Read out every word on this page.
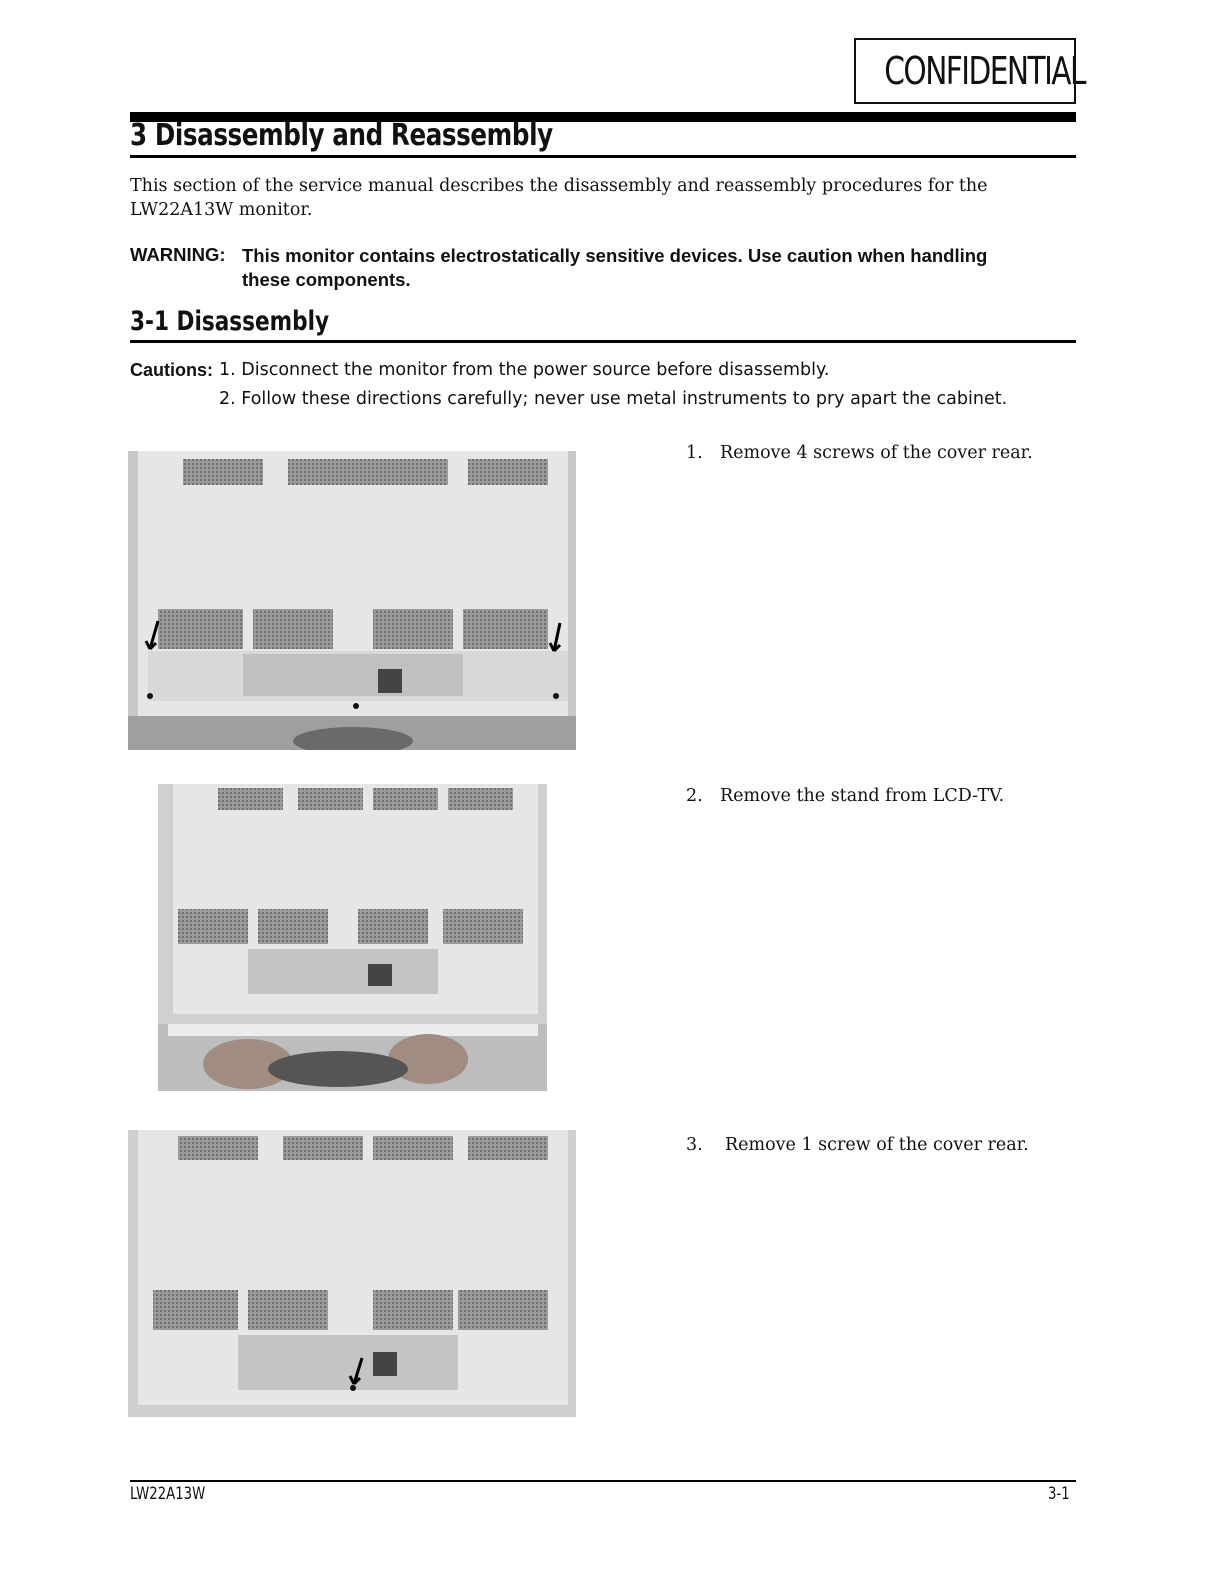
CONFIDENTIAL
3 Disassembly and Reassembly
This section of the service manual describes the disassembly and reassembly procedures for the
LW22A13W monitor.
WARNING: This monitor contains electrostatically sensitive devices. Use caution when handling
these components.
3-1 Disassembly
Cautions: 1. Disconnect the monitor from the power source before disassembly.
2. Follow these directions carefully; never use metal instruments to pry apart the cabinet.
1. Remove 4 screws of the cover rear.
2. Remove the stand from LCD-TV.
3. Remove 1 screw of the cover rear.
LW22A13W	3-1
